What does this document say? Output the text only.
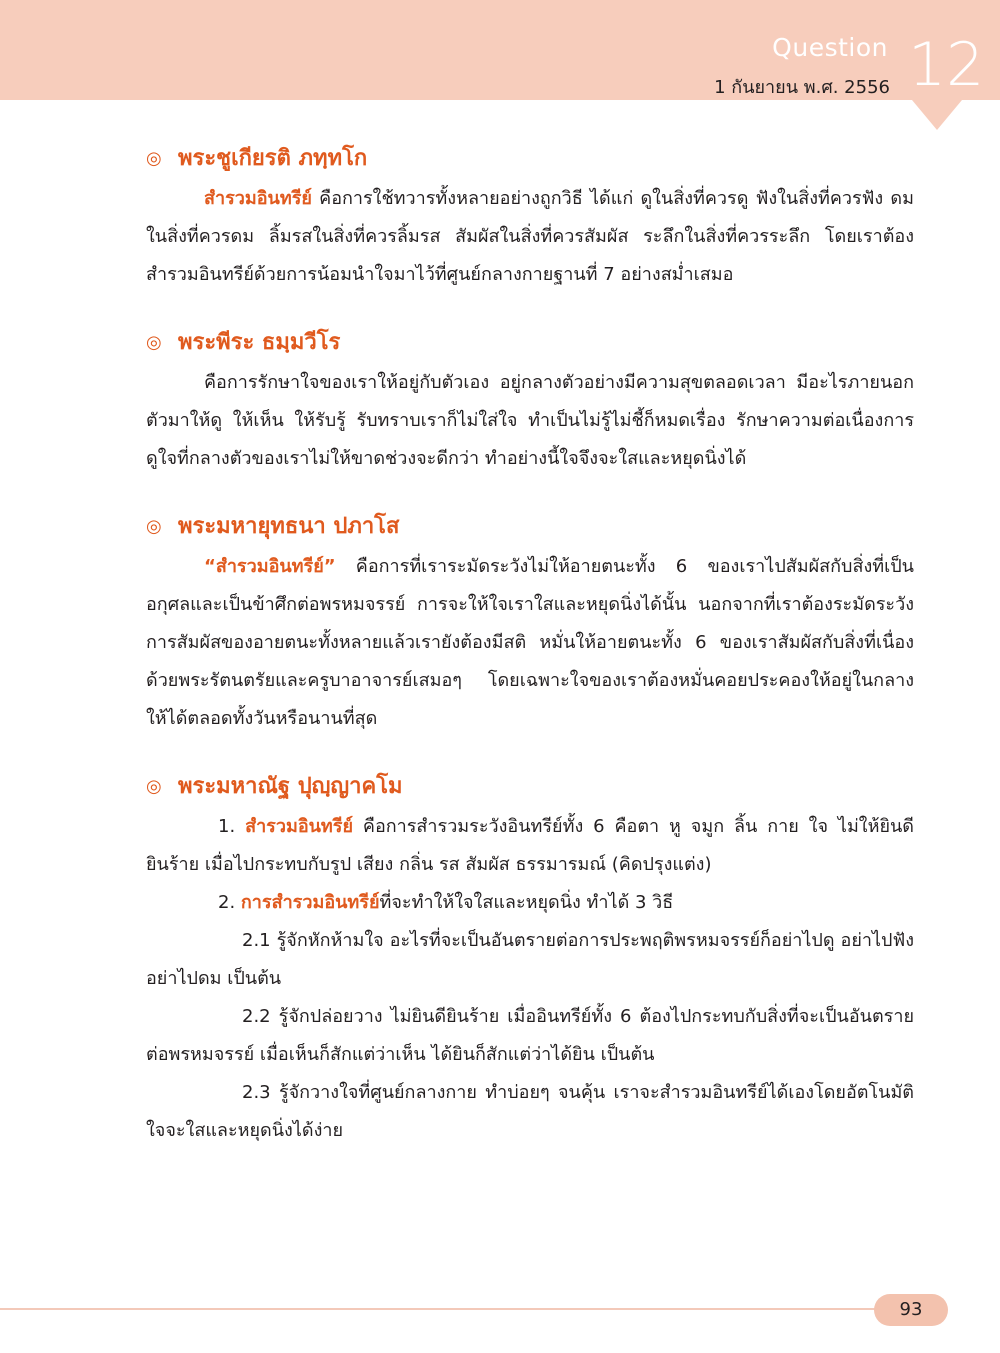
Question
1 กันยายน พ.ศ. 2556 12
◎ พระชูเกียรติ ภทฺทโก

สำรวมอินทรีย์ คือการใช้ทวารทั้งหลายอย่างถูกวิธี ได้แก่ ดูในสิ่งที่ควรดู ฟังในสิ่งที่ควรฟัง ดมในสิ่งที่ควรดม ลิ้มรสในสิ่งที่ควรลิ้มรส สัมผัสในสิ่งที่ควรสัมผัส ระลึกในสิ่งที่ควรระลึก โดยเราต้องสำรวมอินทรีย์ด้วยการน้อมนำใจมาไว้ที่ศูนย์กลางกายฐานที่ 7 อย่างสม่ำเสมอ

◎ พระพีระ ธมฺมวีโร

คือการรักษาใจของเราให้อยู่กับตัวเอง อยู่กลางตัวอย่างมีความสุขตลอดเวลา มีอะไรภายนอกตัวมาให้ดู ให้เห็น ให้รับรู้ รับทราบเราก็ไม่ใส่ใจ ทำเป็นไม่รู้ไม่ชี้ก็หมดเรื่อง รักษาความต่อเนื่องการดูใจที่กลางตัวของเราไม่ให้ขาดช่วงจะดีกว่า ทำอย่างนี้ใจจึงจะใสและหยุดนิ่งได้

◎ พระมหายุทธนา ปภาโส

“สำรวมอินทรีย์” คือการที่เราระมัดระวังไม่ให้อายตนะทั้ง 6 ของเราไปสัมผัสกับสิ่งที่เป็นอกุศลและเป็นข้าศึกต่อพรหมจรรย์ การจะให้ใจเราใสและหยุดนิ่งได้นั้น นอกจากที่เราต้องระมัดระวังการสัมผัสของอายตนะทั้งหลายแล้วเรายังต้องมีสติ หมั่นให้อายตนะทั้ง 6 ของเราสัมผัสกับสิ่งที่เนื่องด้วยพระรัตนตรัยและครูบาอาจารย์เสมอๆ โดยเฉพาะใจของเราต้องหมั่นคอยประคองให้อยู่ในกลางให้ได้ตลอดทั้งวันหรือนานที่สุด

◎ พระมหาณัฐ ปุญฺญาคโม

1. สำรวมอินทรีย์ คือการสำรวมระวังอินทรีย์ทั้ง 6 คือตา หู จมูก ลิ้น กาย ใจ ไม่ให้ยินดียินร้าย เมื่อไปกระทบกับรูป เสียง กลิ่น รส สัมผัส ธรรมารมณ์ (คิดปรุงแต่ง)

2. การสำรวมอินทรีย์ที่จะทำให้ใจใสและหยุดนิ่ง ทำได้ 3 วิธี

2.1 รู้จักหักห้ามใจ อะไรที่จะเป็นอันตรายต่อการประพฤติพรหมจรรย์ก็อย่าไปดู อย่าไปฟัง อย่าไปดม เป็นต้น

2.2 รู้จักปล่อยวาง ไม่ยินดียินร้าย เมื่ออินทรีย์ทั้ง 6 ต้องไปกระทบกับสิ่งที่จะเป็นอันตรายต่อพรหมจรรย์ เมื่อเห็นก็สักแต่ว่าเห็น ได้ยินก็สักแต่ว่าได้ยิน เป็นต้น

2.3 รู้จักวางใจที่ศูนย์กลางกาย ทำบ่อยๆ จนคุ้น เราจะสำรวมอินทรีย์ได้เองโดยอัตโนมัติ ใจจะใสและหยุดนิ่งได้ง่าย

93
